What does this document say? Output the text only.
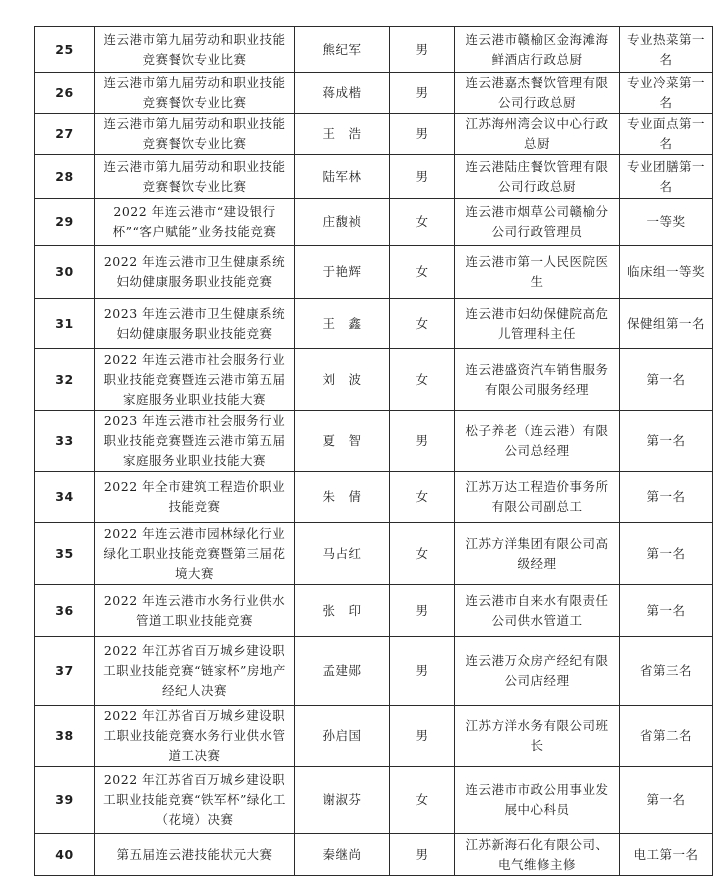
25	连云港市第九届劳动和职业技能竞赛餐饮专业比赛	熊纪军	男	连云港市赣榆区金海滩海鲜酒店行政总厨	专业热菜第一名
26	连云港市第九届劳动和职业技能竞赛餐饮专业比赛	蒋成楷	男	连云港嘉杰餐饮管理有限公司行政总厨	专业冷菜第一名
27	连云港市第九届劳动和职业技能竞赛餐饮专业比赛	王　浩	男	江苏海州湾会议中心行政总厨	专业面点第一名
28	连云港市第九届劳动和职业技能竞赛餐饮专业比赛	陆军林	男	连云港陆庄餐饮管理有限公司行政总厨	专业团膳第一名
29	2022 年连云港市“建设银行杯”“客户赋能”业务技能竞赛	庄馥祯	女	连云港市烟草公司赣榆分公司行政管理员	一等奖
30	2022 年连云港市卫生健康系统妇幼健康服务职业技能竞赛	于艳辉	女	连云港市第一人民医院医生	临床组一等奖
31	2023 年连云港市卫生健康系统妇幼健康服务职业技能竞赛	王　鑫	女	连云港市妇幼保健院高危儿管理科主任	保健组第一名
32	2022 年连云港市社会服务行业职业技能竞赛暨连云港市第五届家庭服务业职业技能大赛	刘　波	女	连云港盛资汽车销售服务有限公司服务经理	第一名
33	2023 年连云港市社会服务行业职业技能竞赛暨连云港市第五届家庭服务业职业技能大赛	夏　智	男	松子养老（连云港）有限公司总经理	第一名
34	2022 年全市建筑工程造价职业技能竞赛	朱　倩	女	江苏万达工程造价事务所有限公司副总工	第一名
35	2022 年连云港市园林绿化行业绿化工职业技能竞赛暨第三届花境大赛	马占红	女	江苏方洋集团有限公司高级经理	第一名
36	2022 年连云港市水务行业供水管道工职业技能竞赛	张　印	男	连云港市自来水有限责任公司供水管道工	第一名
37	2022 年江苏省百万城乡建设职工职业技能竞赛“链家杯”房地产经纪人决赛	孟建郧	男	连云港万众房产经纪有限公司店经理	省第三名
38	2022 年江苏省百万城乡建设职工职业技能竞赛水务行业供水管道工决赛	孙启国	男	江苏方洋水务有限公司班长	省第二名
39	2022 年江苏省百万城乡建设职工职业技能竞赛“铁军杯”绿化工（花境）决赛	谢淑芬	女	连云港市市政公用事业发展中心科员	第一名
40	第五届连云港技能状元大赛	秦继尚	男	江苏新海石化有限公司、电气维修主修	电工第一名
